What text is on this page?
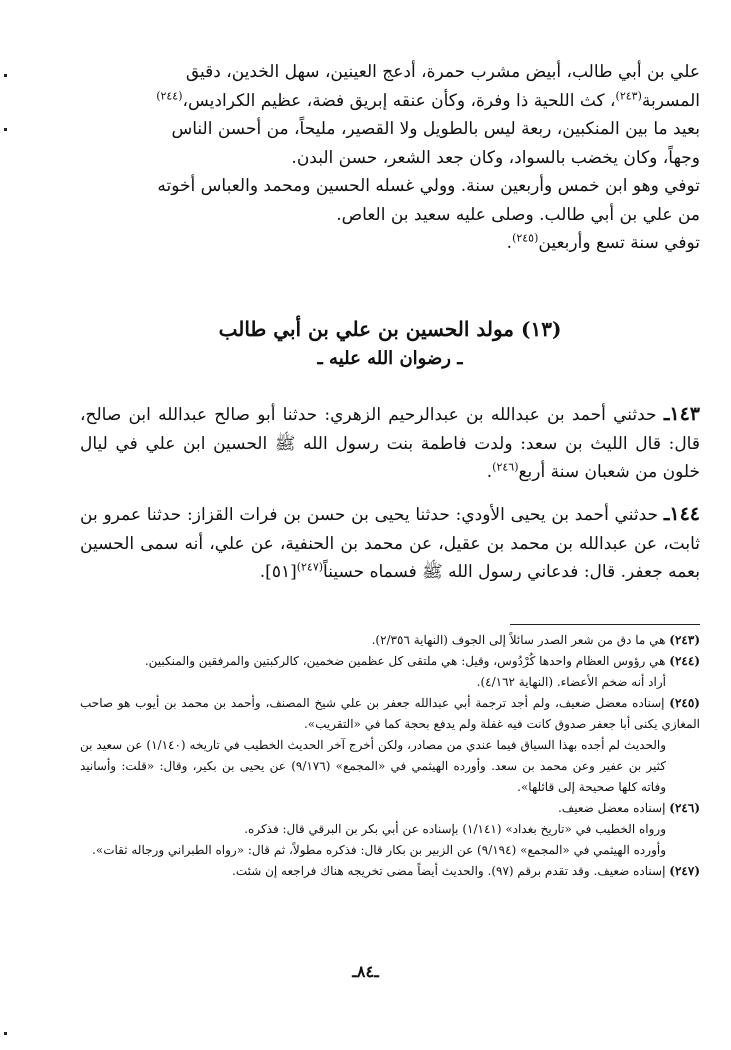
علي بن أبي طالب، أبيض مشرب حمرة، أدعج العينين، سهل الخدين، دقيق

المسربة$^{(٢٤٣)}$، كث اللحية ذا وفرة، وكأن عنقه إبريق فضة، عظيم الكراديس،$^{(٢٤٤)}$

بعيد ما بين المنكبين، ربعة ليس بالطويل ولا القصير، مليحاً، من أحسن الناس

وجهاً، وكان يخضب بالسواد، وكان جعد الشعر، حسن البدن.

توفي وهو ابن خمس وأربعين سنة. وولي غسله الحسين ومحمد والعباس أخوته

من علي بن أبي طالب. وصلى عليه سعيد بن العاص.

توفي سنة تسع وأربعين$^{(٢٤٥)}$.

(١٣) مولد الحسين بن علي بن أبي طالب
ـ رضوان الله عليه ـ
١٤٣ـ حدثني أحمد بن عبدالله بن عبدالرحيم الزهري: حدثنا أبو صالح عبدالله ابن صالح، قال: قال الليث بن سعد: ولدت فاطمة بنت رسول الله ﷺ الحسين ابن علي في ليال خلون من شعبان سنة أربع$^{(٢٤٦)}$.
١٤٤ـ حدثني أحمد بن يحيى الأودي: حدثنا يحيى بن حسن بن فرات القزاز: حدثنا عمرو بن ثابت، عن عبدالله بن محمد بن عقيل، عن محمد بن الحنفية، عن علي، أنه سمى الحسين بعمه جعفر. قال: فدعاني رسول الله ﷺ فسماه حسيناً$^{(٢٤٧)}$[٥١].

(٢٤٣) هي ما دق من شعر الصدر سائلاً إلى الجوف (النهاية ٢/٣٥٦).

(٢٤٤) هي رؤوس العظام واحدها كُرْدُوس، وقيل: هي ملتقى كل عظمين ضخمين، كالركبتين والمرفقين والمنكبين.

أراد أنه ضخم الأعضاء. (النهاية ٤/١٦٢).

(٢٤٥) إسناده معضل ضعيف، ولم أجد ترجمة أبي عبدالله جعفر بن علي شيخ المصنف، وأحمد بن محمد بن أيوب هو صاحب المغازي يكنى أبا جعفر صدوق كانت فيه غفلة ولم يدفع بحجة كما في «التقريب».

والحديث لم أجده بهذا السياق فيما عندي من مصادر، ولكن أخرج آخر الحديث الخطيب في تاريخه (١/١٤٠) عن سعيد بن كثير بن عفير وعن محمد بن سعد. وأورده الهيثمي في «المجمع» (٩/١٧٦) عن يحيى بن بكير، وقال: «قلت: وأسانيد وفاته كلها صحيحة إلى قائلها».

(٢٤٦) إسناده معضل ضعيف.

ورواه الخطيب في «تاريخ بغداد» (١/١٤١) بإسناده عن أبي بكر بن البرقي قال: فذكره.

وأورده الهيثمي في «المجمع» (٩/١٩٤) عن الزبير بن بكار قال: فذكره مطولاً، ثم قال: «رواه الطبراني ورجاله ثقات».

(٢٤٧) إسناده ضعيف. وقد تقدم برقم (٩٧). والحديث أيضاً مضى تخريجه هناك فراجعه إن شئت.

ـ٨٤ـ
